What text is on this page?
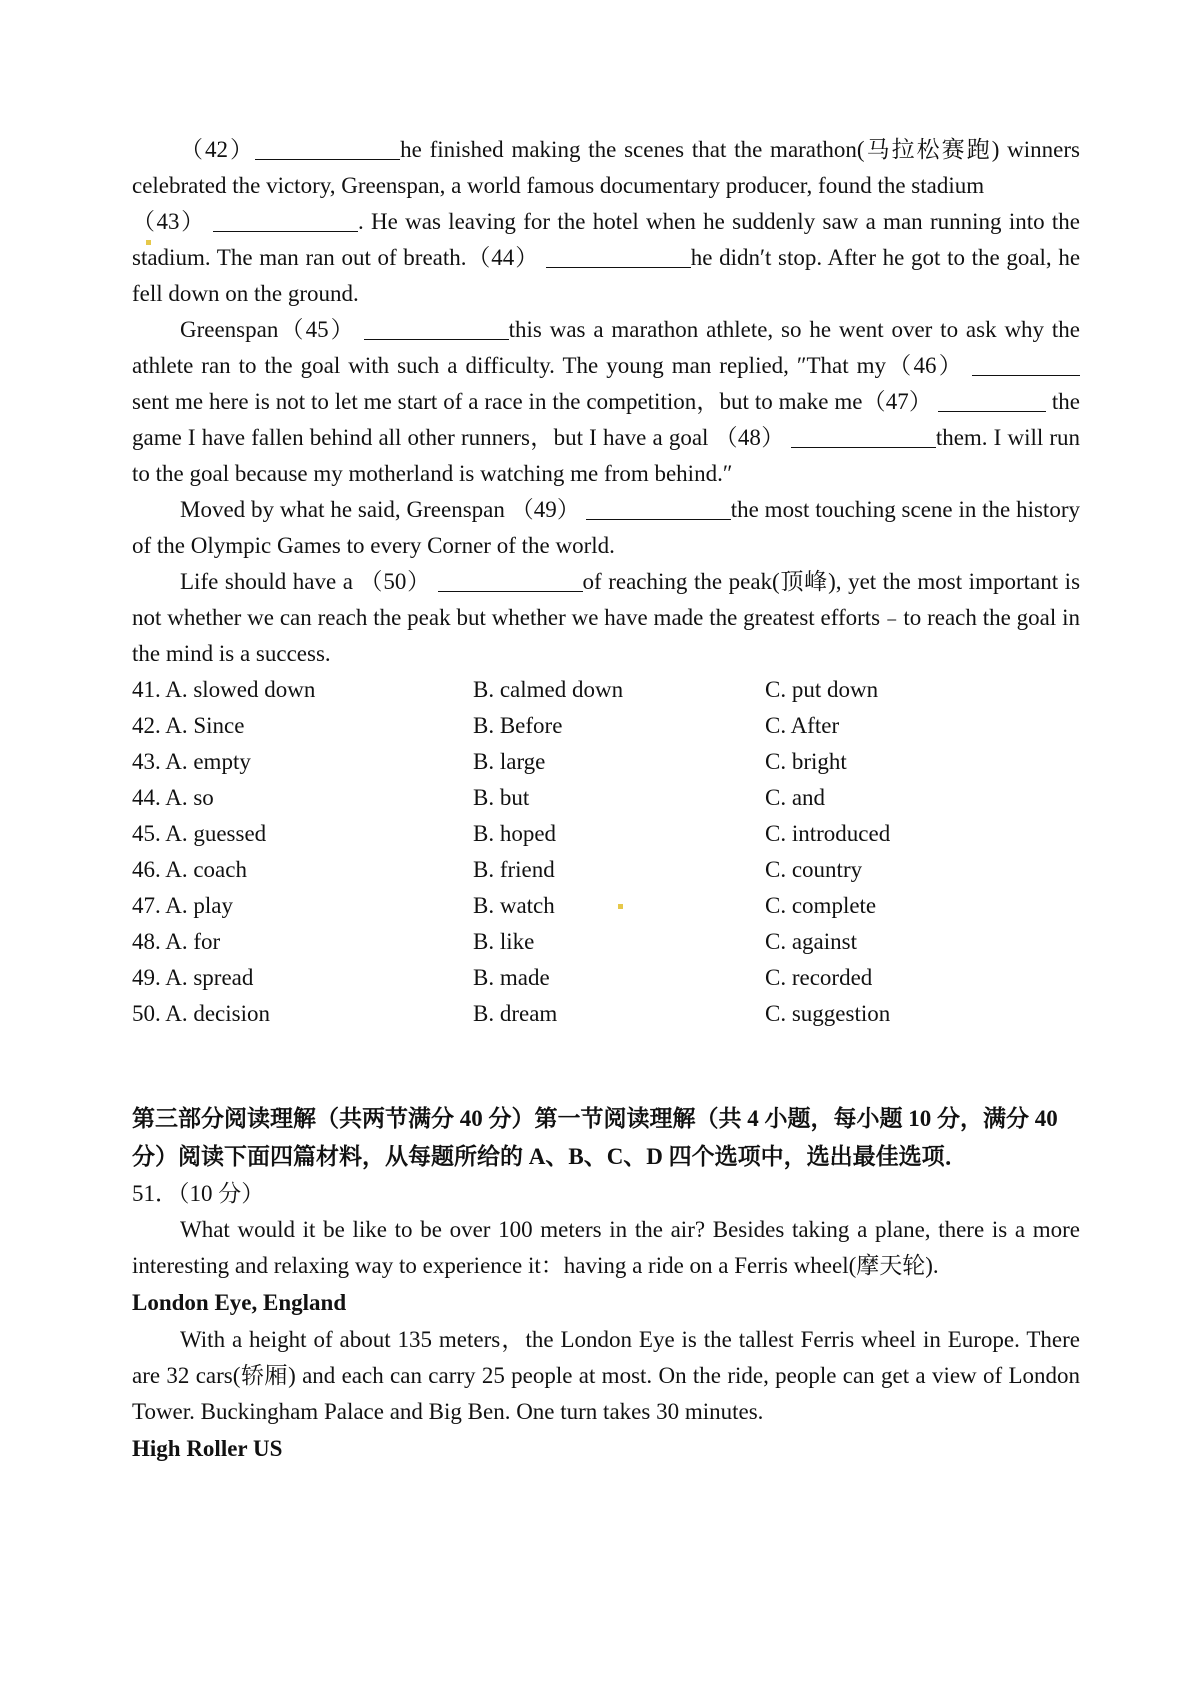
（42）	he finished making the scenes that the marathon(马拉松赛跑) winners celebrated the victory, Greenspan, a world famous documentary producer, found the stadium
（43）	. He was leaving for the hotel when he suddenly saw a man running into the stadium. The man ran out of breath.（44）	he didn′t stop. After he got to the goal, he fell down on the ground.

Greenspan（45）	this was a marathon athlete, so he went over to ask why the athlete ran to the goal with such a difficulty. The young man replied, ″That my（46）  sent me here is not to let me start of a race in the competition，but to make me（47）	the game I have fallen behind all other runners，but I have a goal （48）	them. I will run to the goal because my motherland is watching me from behind.″

Moved by what he said, Greenspan （49）	the most touching scene in the history of the Olympic Games to every Corner of the world.

Life should have a （50）	of reaching the peak(顶峰), yet the most important is not whether we can reach the peak but whether we have made the greatest efforts﹣to reach the goal in the mind is a success.

41. A. slowed down	B. calmed down	C. put down
42. A. Since	B. Before	C. After
43. A. empty	B. large	C. bright
44. A. so	B. but	C. and
45. A. guessed	B. hoped	C. introduced
46. A. coach	B. friend	C. country
47. A. play	B. watch	C. complete
48. A. for	B. like	C. against
49. A. spread	B. made	C. recorded
50. A. decision	B. dream	C. suggestion

第三部分阅读理解（共两节满分 40 分）第一节阅读理解（共 4 小题，每小题 10 分，满分 40 分）阅读下面四篇材料，从每题所给的 A、B、C、D 四个选项中，选出最佳选项．

51．（10 分）

What would it be like to be over 100 meters in the air? Besides taking a plane, there is a more interesting and relaxing way to experience it：having a ride on a Ferris wheel(摩天轮).

London Eye, England

With a height of about 135 meters，the London Eye is the tallest Ferris wheel in Europe. There are 32 cars(轿厢) and each can carry 25 people at most. On the ride, people can get a view of London Tower. Buckingham Palace and Big Ben. One turn takes 30 minutes.

High Roller US
